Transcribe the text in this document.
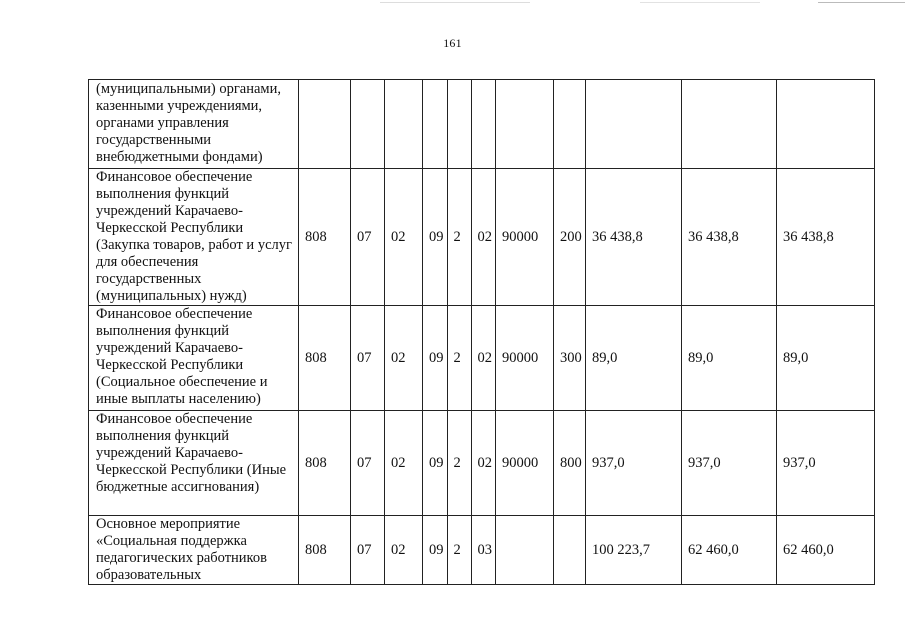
161
(муниципальными) органами, казенными учреждениями, органами управления государственными внебюджетными фондами)											
Финансовое обеспечение выполнения функций учреждений Карачаево-Черкесской Республики (Закупка товаров, работ и услуг для обеспечения государственных (муниципальных) нужд)	808	07	02	09	2	02	90000	200	36 438,8	36 438,8	36 438,8
Финансовое обеспечение выполнения функций учреждений Карачаево-Черкесской Республики (Социальное обеспечение и иные выплаты населению)	808	07	02	09	2	02	90000	300	89,0	89,0	89,0
Финансовое обеспечение выполнения функций учреждений Карачаево-Черкесской Республики (Иные бюджетные ассигнования)	808	07	02	09	2	02	90000	800	937,0	937,0	937,0
Основное мероприятие «Социальная поддержка педагогических работников образовательных	808	07	02	09	2	03			100 223,7	62 460,0	62 460,0
